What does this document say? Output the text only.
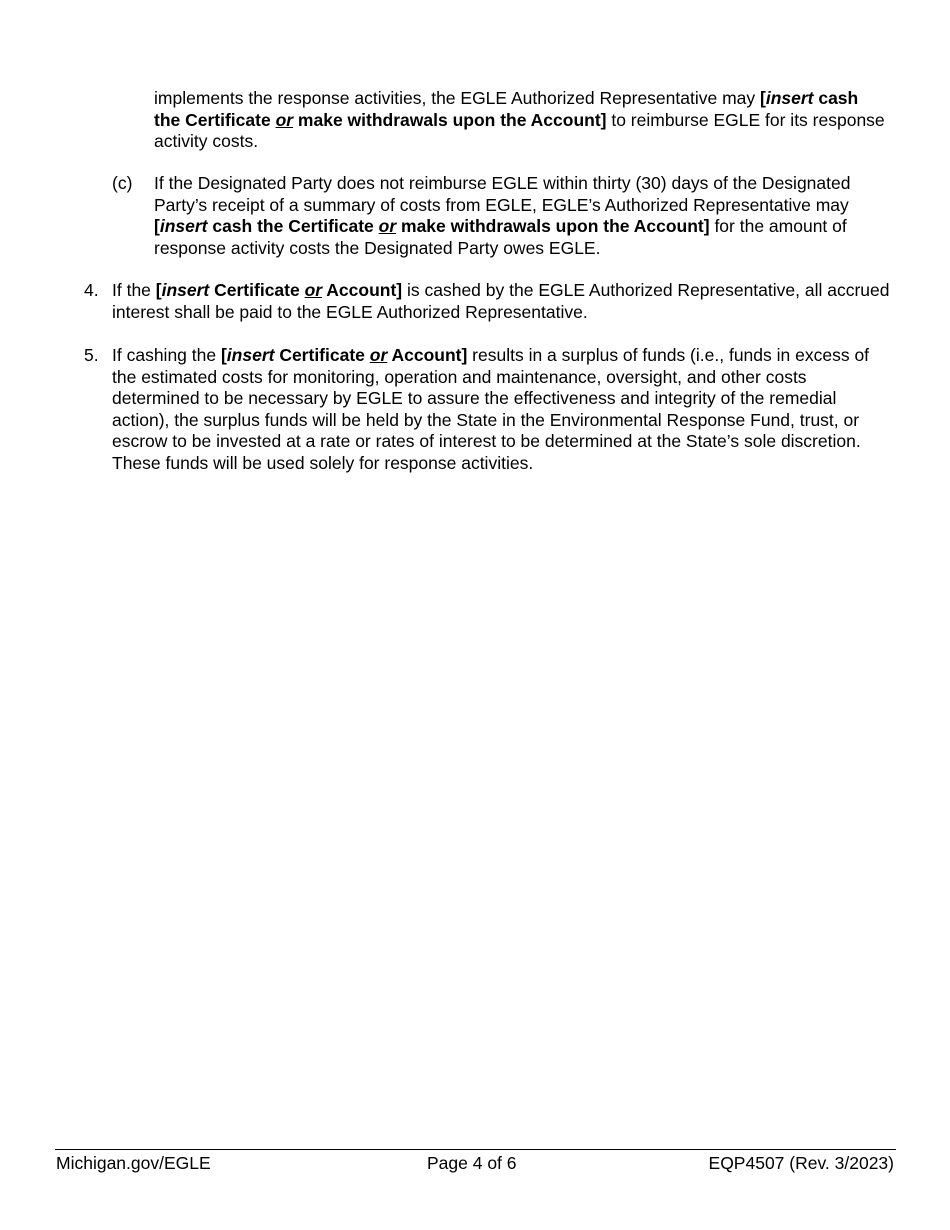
implements the response activities, the EGLE Authorized Representative may [insert cash the Certificate or make withdrawals upon the Account] to reimburse EGLE for its response activity costs.

(c) If the Designated Party does not reimburse EGLE within thirty (30) days of the Designated Party’s receipt of a summary of costs from EGLE, EGLE’s Authorized Representative may [insert cash the Certificate or make withdrawals upon the Account] for the amount of response activity costs the Designated Party owes EGLE.

4. If the [insert Certificate or Account] is cashed by the EGLE Authorized Representative, all accrued interest shall be paid to the EGLE Authorized Representative.

5. If cashing the [insert Certificate or Account] results in a surplus of funds (i.e., funds in excess of the estimated costs for monitoring, operation and maintenance, oversight, and other costs determined to be necessary by EGLE to assure the effectiveness and integrity of the remedial action), the surplus funds will be held by the State in the Environmental Response Fund, trust, or escrow to be invested at a rate or rates of interest to be determined at the State’s sole discretion. These funds will be used solely for response activities.

Michigan.gov/EGLE	Page 4 of 6	EQP4507 (Rev. 3/2023)
